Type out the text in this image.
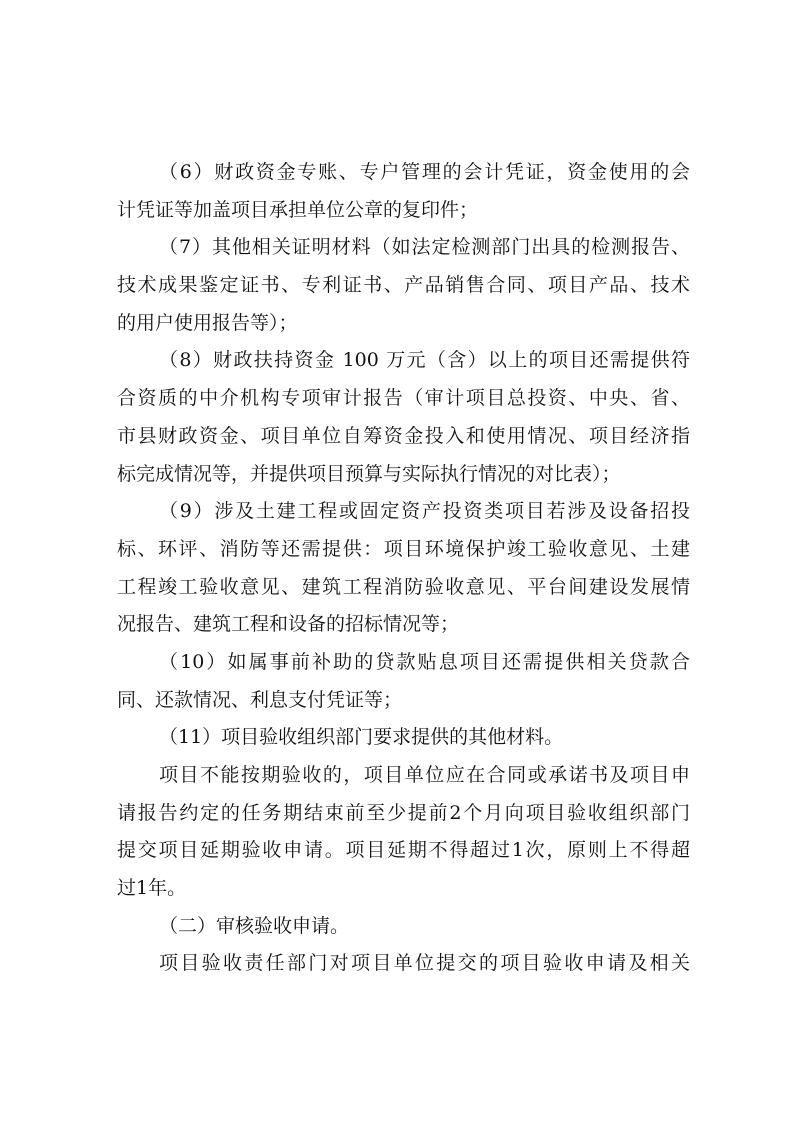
（6）财政资金专账、专户管理的会计凭证，资金使用的会
计凭证等加盖项目承担单位公章的复印件；
（7）其他相关证明材料（如法定检测部门出具的检测报告、
技术成果鉴定证书、专利证书、产品销售合同、项目产品、技术
的用户使用报告等）；
（8）财政扶持资金 100 万元（含）以上的项目还需提供符
合资质的中介机构专项审计报告（审计项目总投资、中央、省、
市县财政资金、项目单位自筹资金投入和使用情况、项目经济指
标完成情况等，并提供项目预算与实际执行情况的对比表）；
（9）涉及土建工程或固定资产投资类项目若涉及设备招投
标、环评、消防等还需提供：项目环境保护竣工验收意见、土建
工程竣工验收意见、建筑工程消防验收意见、平台间建设发展情
况报告、建筑工程和设备的招标情况等；
（10）如属事前补助的贷款贴息项目还需提供相关贷款合
同、还款情况、利息支付凭证等；
（11）项目验收组织部门要求提供的其他材料。
项目不能按期验收的，项目单位应在合同或承诺书及项目申
请报告约定的任务期结束前至少提前2个月向项目验收组织部门
提交项目延期验收申请。项目延期不得超过1次，原则上不得超
过1年。
（二）审核验收申请。
项目验收责任部门对项目单位提交的项目验收申请及相关
